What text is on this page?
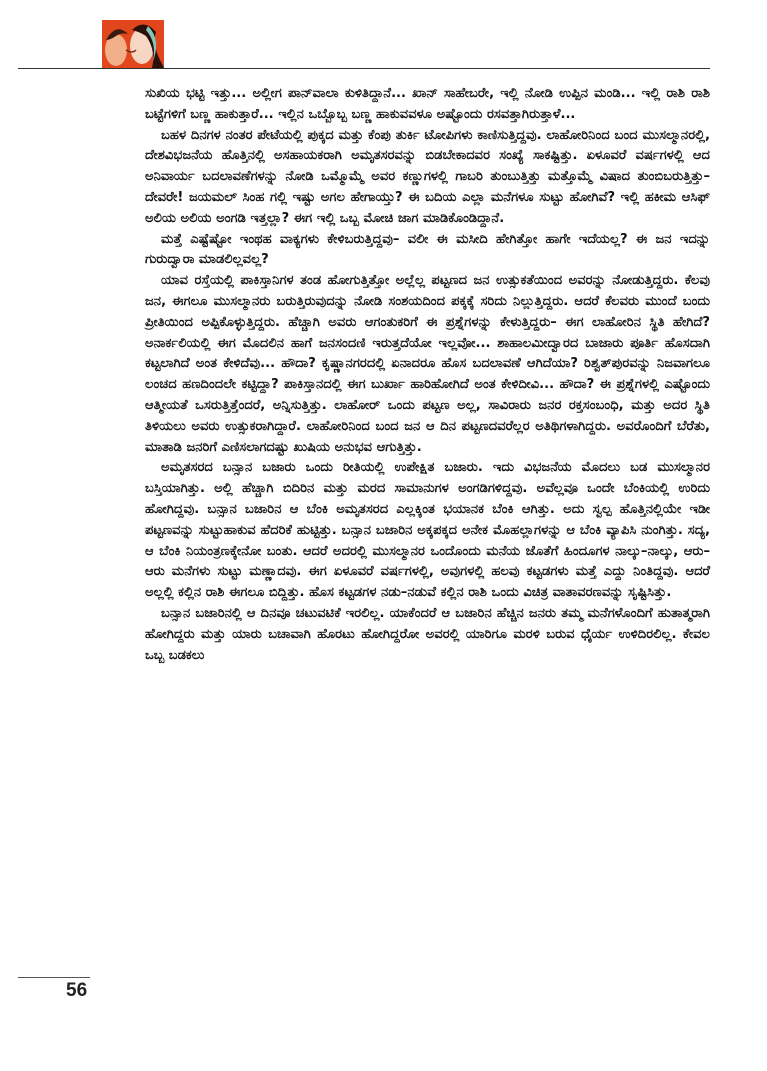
ಸುಖಿಯ ಭಟ್ಟಿ ಇತ್ತು... ಅಲ್ಲೀಗ ಪಾನ್‌ವಾಲಾ ಕುಳಿತಿದ್ದಾನೆ... ಖಾನ್ ಸಾಹೇಬರೇ, ಇಲ್ಲಿ ನೋಡಿ ಉಪ್ಪಿನ ಮಂಡಿ... ಇಲ್ಲಿ ರಾಶಿ ರಾಶಿ ಬಟ್ಟೆಗಳಿಗೆ ಬಣ್ಣ ಹಾಕುತ್ತಾರೆ... ಇಲ್ಲಿನ ಒಬ್ಬೊಬ್ಬ ಬಣ್ಣ ಹಾಕುವವಳೂ ಅಷ್ಟೊಂದು ರಸವತ್ತಾಗಿರುತ್ತಾಳೆ...

ಬಹಳ ದಿನಗಳ ನಂತರ ಪೇಟೆಯಲ್ಲಿ ಪುಕ್ಕದ ಮತ್ತು ಕೆಂಪು ತುರ್ಕಿ ಟೋಪಿಗಳು ಕಾಣಿಸುತ್ತಿದ್ದವು. ಲಾಹೋರಿನಿಂದ ಬಂದ ಮುಸಲ್ಮಾನರಲ್ಲಿ, ದೇಶವಿಭಜನೆಯ ಹೊತ್ತಿನಲ್ಲಿ ಅಸಹಾಯಕರಾಗಿ ಅಮೃತಸರವನ್ನು ಬಿಡಬೇಕಾದವರ ಸಂಖ್ಯೆ ಸಾಕಷ್ಟಿತ್ತು. ಏಳೂವರೆ ವರ್ಷಗಳಲ್ಲಿ ಆದ ಅನಿವಾರ್ಯ ಬದಲಾವಣೆಗಳನ್ನು ನೋಡಿ ಒಮ್ಮೊಮ್ಮೆ ಅವರ ಕಣ್ಣುಗಳಲ್ಲಿ ಗಾಬರಿ ತುಂಬುತ್ತಿತ್ತು ಮತ್ತೊಮ್ಮೆ ವಿಷಾದ ತುಂಬಿಬರುತ್ತಿತ್ತು– ದೇವರೇ! ಜಯಮಲ್ ಸಿಂಹ ಗಲ್ಲಿ ಇಷ್ಟು ಅಗಲ ಹೇಗಾಯ್ತು? ಈ ಬದಿಯ ಎಲ್ಲಾ ಮನೆಗಳೂ ಸುಟ್ಟು ಹೋಗಿವೆ? ಇಲ್ಲಿ ಹಕೀಮ ಆಸಿಫ್ ಅಲಿಯ ಅಲಿಯ ಅಂಗಡಿ ಇತ್ತಲ್ಲಾ? ಈಗ ಇಲ್ಲಿ ಒಬ್ಬ ಮೋಚಿ ಜಾಗ ಮಾಡಿಕೊಂಡಿದ್ದಾನೆ.

ಮತ್ತೆ ಎಷ್ಟೆಷ್ಟೋ ಇಂಥಹ ವಾಕ್ಯಗಳು ಕೇಳಿಬರುತ್ತಿದ್ದವು– ವಲೀ ಈ ಮಸೀದಿ ಹೇಗಿತ್ತೋ ಹಾಗೇ ಇದೆಯಲ್ಲ? ಈ ಜನ ಇದನ್ನು ಗುರುದ್ವಾರಾ ಮಾಡಲಿಲ್ಲವಲ್ಲ?

ಯಾವ ರಸ್ತೆಯಲ್ಲಿ ಪಾಕಿಸ್ತಾನಿಗಳ ತಂಡ ಹೋಗುತ್ತಿತ್ತೋ ಅಲ್ಲೆಲ್ಲ ಪಟ್ಟಣದ ಜನ ಉತ್ಸುಕತೆಯಿಂದ ಅವರನ್ನು ನೋಡುತ್ತಿದ್ದರು. ಕೆಲವು ಜನ, ಈಗಲೂ ಮುಸಲ್ಮಾನರು ಬರುತ್ತಿರುವುದನ್ನು ನೋಡಿ ಸಂಶಯದಿಂದ ಪಕ್ಕಕ್ಕೆ ಸರಿದು ನಿಲ್ಲುತ್ತಿದ್ದರು. ಆದರೆ ಕೆಲವರು ಮುಂದೆ ಬಂದು ಪ್ರೀತಿಯಿಂದ ಅಪ್ಪಿಕೊಳ್ಳುತ್ತಿದ್ದರು. ಹೆಚ್ಚಾಗಿ ಅವರು ಆಗಂತುಕರಿಗೆ ಈ ಪ್ರಶ್ನೆಗಳನ್ನು ಕೇಳುತ್ತಿದ್ದರು– ಈಗ ಲಾಹೋರಿನ ಸ್ಥಿತಿ ಹೇಗಿದೆ? ಅನಾರ್ಕಲಿಯಲ್ಲಿ ಈಗ ಮೊದಲಿನ ಹಾಗೆ ಜನಸಂದಣಿ ಇರುತ್ತದೆಯೋ ಇಲ್ಲವೋ... ಶಾಹಾಲಮೀದ್ವಾರದ ಬಾಜಾರು ಪೂರ್ತಿ ಹೊಸದಾಗಿ ಕಟ್ಟಲಾಗಿದೆ ಅಂತ ಕೇಳಿದೆವು... ಹೌದಾ? ಕೃಷ್ಣಾನಗರದಲ್ಲಿ ಏನಾದರೂ ಹೊಸ ಬದಲಾವಣೆ ಆಗಿದೆಯಾ? ರಿಶ್ವತ್‌ಪುರವನ್ನು ನಿಜವಾಗಲೂ ಲಂಚದ ಹಣದಿಂದಲೇ ಕಟ್ಟಿದ್ದಾ? ಪಾಕಿಸ್ತಾನದಲ್ಲಿ ಈಗ ಬುರ್ಖಾ ಹಾರಿಹೋಗಿದೆ ಅಂತ ಕೇಳಿದೀವಿ... ಹೌದಾ? ಈ ಪ್ರಶ್ನೆಗಳಲ್ಲಿ ಎಷ್ಟೊಂದು ಆತ್ಮೀಯತೆ ಒಸರುತ್ತಿತ್ತೆಂದರೆ, ಅನ್ನಿಸುತ್ತಿತ್ತು. ಲಾಹೋರ್ ಒಂದು ಪಟ್ಟಣ ಅಲ್ಲ, ಸಾವಿರಾರು ಜನರ ರಕ್ತಸಂಬಂಧಿ, ಮತ್ತು ಅದರ ಸ್ಥಿತಿ ತಿಳಿಯಲು ಅವರು ಉತ್ಸುಕರಾಗಿದ್ದಾರೆ. ಲಾಹೋರಿನಿಂದ ಬಂದ ಜನ ಆ ದಿನ ಪಟ್ಟಣದವರೆಲ್ಲರ ಅತಿಥಿಗಳಾಗಿದ್ದರು. ಅವರೊಂದಿಗೆ ಬೆರೆತು, ಮಾತಾಡಿ ಜನರಿಗೆ ಎಣಿಸಲಾಗದಷ್ಟು ಖುಷಿಯ ಅನುಭವ ಆಗುತ್ತಿತ್ತು.

ಅಮೃತಸರದ ಬನ್ಸಾನ ಬಜಾರು ಒಂದು ರೀತಿಯಲ್ಲಿ ಉಪೇಕ್ಷಿತ ಬಜಾರು. ಇದು ವಿಭಜನೆಯ ಮೊದಲು ಬಡ ಮುಸಲ್ಮಾನರ ಬಸ್ತಿಯಾಗಿತ್ತು. ಅಲ್ಲಿ ಹೆಚ್ಚಾಗಿ ಬಿದಿರಿನ ಮತ್ತು ಮರದ ಸಾಮಾನುಗಳ ಅಂಗಡಿಗಳಿದ್ದವು. ಅವೆಲ್ಲವೂ ಒಂದೇ ಬೆಂಕಿಯಲ್ಲಿ ಉರಿದು ಹೋಗಿದ್ದವು. ಬನ್ಸಾನ ಬಜಾರಿನ ಆ ಬೆಂಕಿ ಅಮೃತಸರದ ಎಲ್ಲಕ್ಕಿಂತ ಭಯಾನಕ ಬೆಂಕಿ ಆಗಿತ್ತು. ಅದು ಸ್ವಲ್ಪ ಹೊತ್ತಿನಲ್ಲಿಯೇ ಇಡೀ ಪಟ್ಟಣವನ್ನು ಸುಟ್ಟುಹಾಕುವ ಹೆದರಿಕೆ ಹುಟ್ಟಿತ್ತು. ಬನ್ಸಾನ ಬಜಾರಿನ ಅಕ್ಕಪಕ್ಕದ ಅನೇಕ ಮೊಹಲ್ಲಾಗಳನ್ನು ಆ ಬೆಂಕಿ ವ್ಯಾಪಿಸಿ ನುಂಗಿತ್ತು. ಸದ್ಯ, ಆ ಬೆಂಕಿ ನಿಯಂತ್ರಣಕ್ಕೇನೋ ಬಂತು. ಆದರೆ ಅದರಲ್ಲಿ ಮುಸಲ್ಮಾನರ ಒಂದೊಂದು ಮನೆಯ ಜೊತೆಗೆ ಹಿಂದೂಗಳ ನಾಲ್ಕು–ನಾಲ್ಕು, ಆರು–ಆರು ಮನೆಗಳು ಸುಟ್ಟು ಮಣ್ಣಾದವು. ಈಗ ಏಳೂವರೆ ವರ್ಷಗಳಲ್ಲಿ, ಅವುಗಳಲ್ಲಿ ಹಲವು ಕಟ್ಟಡಗಳು ಮತ್ತೆ ಎದ್ದು ನಿಂತಿದ್ದವು. ಆದರೆ ಅಲ್ಲಲ್ಲಿ ಕಲ್ಲಿನ ರಾಶಿ ಈಗಲೂ ಬಿದ್ದಿತ್ತು. ಹೊಸ ಕಟ್ಟಡಗಳ ನಡು–ನಡುವೆ ಕಲ್ಲಿನ ರಾಶಿ ಒಂದು ವಿಚಿತ್ರ ವಾತಾವರಣವನ್ನು ಸೃಷ್ಟಿಸಿತ್ತು.

ಬನ್ಸಾನ ಬಜಾರಿನಲ್ಲಿ ಆ ದಿನವೂ ಚಟುವಟಿಕೆ ಇರಲಿಲ್ಲ. ಯಾಕೆಂದರೆ ಆ ಬಜಾರಿನ ಹೆಚ್ಚಿನ ಜನರು ತಮ್ಮ ಮನೆಗಳೊಂದಿಗೆ ಹುತಾತ್ಮರಾಗಿ ಹೋಗಿದ್ದರು ಮತ್ತು ಯಾರು ಬಚಾವಾಗಿ ಹೊರಟು ಹೋಗಿದ್ದರೋ ಅವರಲ್ಲಿ ಯಾರಿಗೂ ಮರಳಿ ಬರುವ ಧೈರ್ಯ ಉಳಿದಿರಲಿಲ್ಲ. ಕೇವಲ ಒಬ್ಬ ಬಡಕಲು

56
